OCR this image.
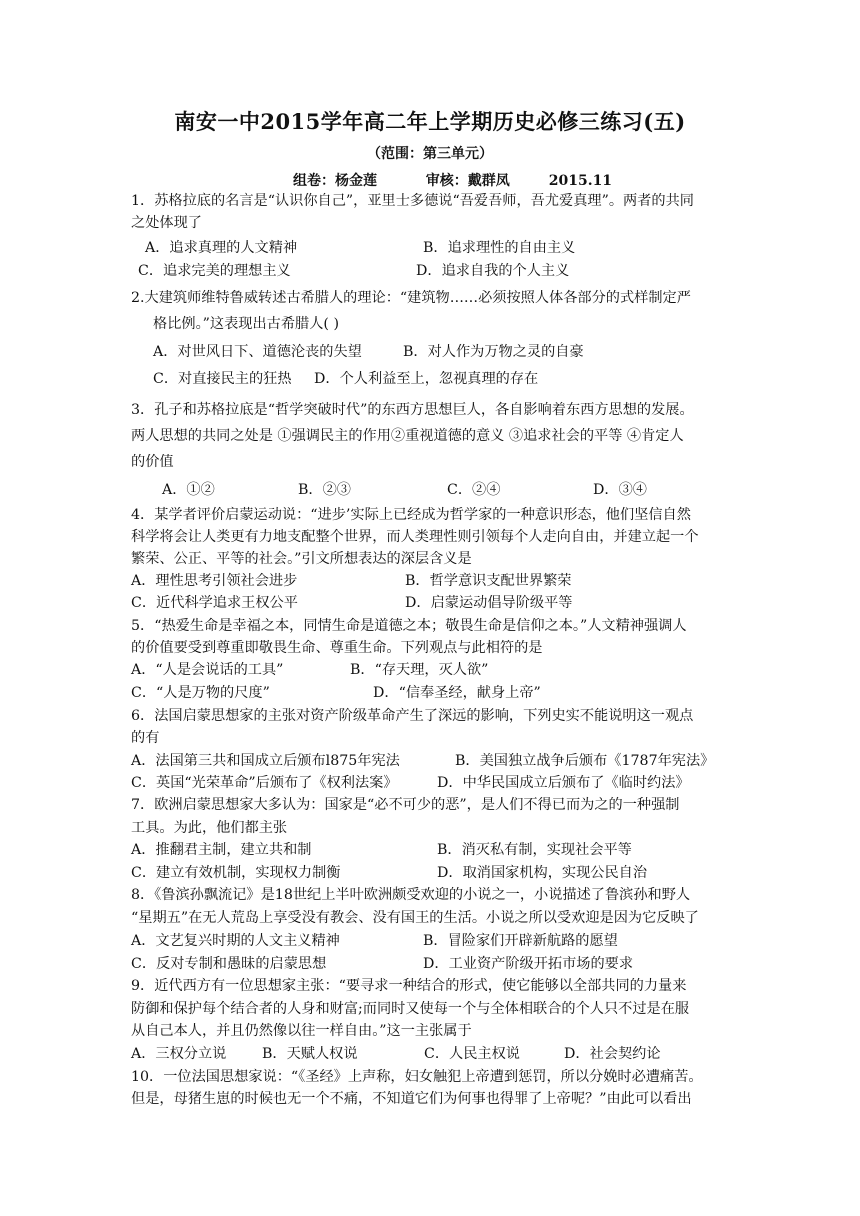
南安一中2015学年高二年上学期历史必修三练习(五)
（范围：第三单元）
组卷：杨金莲          审核：戴群凤        2015.11
1．苏格拉底的名言是“认识你自己”，亚里士多德说“吾爱吾师，吾尤爱真理”。两者的共同
之处体现了
A．追求真理的人文精神	B．追求理性的自由主义
C．追求完美的理想主义	D．追求自我的个人主义
2.大建筑师维特鲁威转述古希腊人的理论：“建筑物……必须按照人体各部分的式样制定严
格比例。”这表现出古希腊人( )
A．对世风日下、道德沦丧的失望	B．对人作为万物之灵的自豪
C．对直接民主的狂热 D．个人利益至上，忽视真理的存在
3．孔子和苏格拉底是“哲学突破时代”的东西方思想巨人，各自影响着东西方思想的发展。
两人思想的共同之处是 ①强调民主的作用②重视道德的意义 ③追求社会的平等 ④肯定人
的价值
A．①②	B．②③	C．②④	D．③④
4．某学者评价启蒙运动说：“进步’实际上已经成为哲学家的一种意识形态，他们坚信自然
科学将会让人类更有力地支配整个世界，而人类理性则引领每个人走向自由，并建立起一个
繁荣、公正、平等的社会。”引文所想表达的深层含义是
A．理性思考引领社会进步	B．哲学意识支配世界繁荣
C．近代科学追求王权公平	D．启蒙运动倡导阶级平等
5．“热爱生命是幸福之本，同情生命是道德之本；敬畏生命是信仰之本。”人文精神强调人
的价值要受到尊重即敬畏生命、尊重生命。下列观点与此相符的是
A．“人是会说话的工具”	B．“存天理，灭人欲”
C．“人是万物的尺度”	D．“信奉圣经，献身上帝”
6．法国启蒙思想家的主张对资产阶级革命产生了深远的影响，下列史实不能说明这一观点
的有
A．法国第三共和国成立后颁布l875年宪法	B．美国独立战争后颁布《1787年宪法》
C．英国“光荣革命”后颁布了《权利法案》	D．中华民国成立后颁布了《临时约法》
7．欧洲启蒙思想家大多认为：国家是“必不可少的恶”，是人们不得已而为之的一种强制
工具。为此，他们都主张
A．推翻君主制，建立共和制	B．消灭私有制，实现社会平等
C．建立有效机制，实现权力制衡	D．取消国家机构，实现公民自治
8．《鲁滨孙飘流记》是18世纪上半叶欧洲颇受欢迎的小说之一，小说描述了鲁滨孙和野人
“星期五”在无人荒岛上享受没有教会、没有国王的生活。小说之所以受欢迎是因为它反映了
A．文艺复兴时期的人文主义精神	B．冒险家们开辟新航路的愿望
C．反对专制和愚昧的启蒙思想	D．工业资产阶级开拓市场的要求
9．近代西方有一位思想家主张：“要寻求一种结合的形式，使它能够以全部共同的力量来
防御和保护每个结合者的人身和财富;而同时又使每一个与全体相联合的个人只不过是在服
从自己本人，并且仍然像以往一样自由。”这一主张属于
A．三权分立说	B．天赋人权说	C．人民主权说	D．社会契约论
10．一位法国思想家说：“《圣经》上声称，妇女触犯上帝遭到惩罚，所以分娩时必遭痛苦。
但是，母猪生崽的时候也无一个不痛，不知道它们为何事也得罪了上帝呢？”由此可以看出
